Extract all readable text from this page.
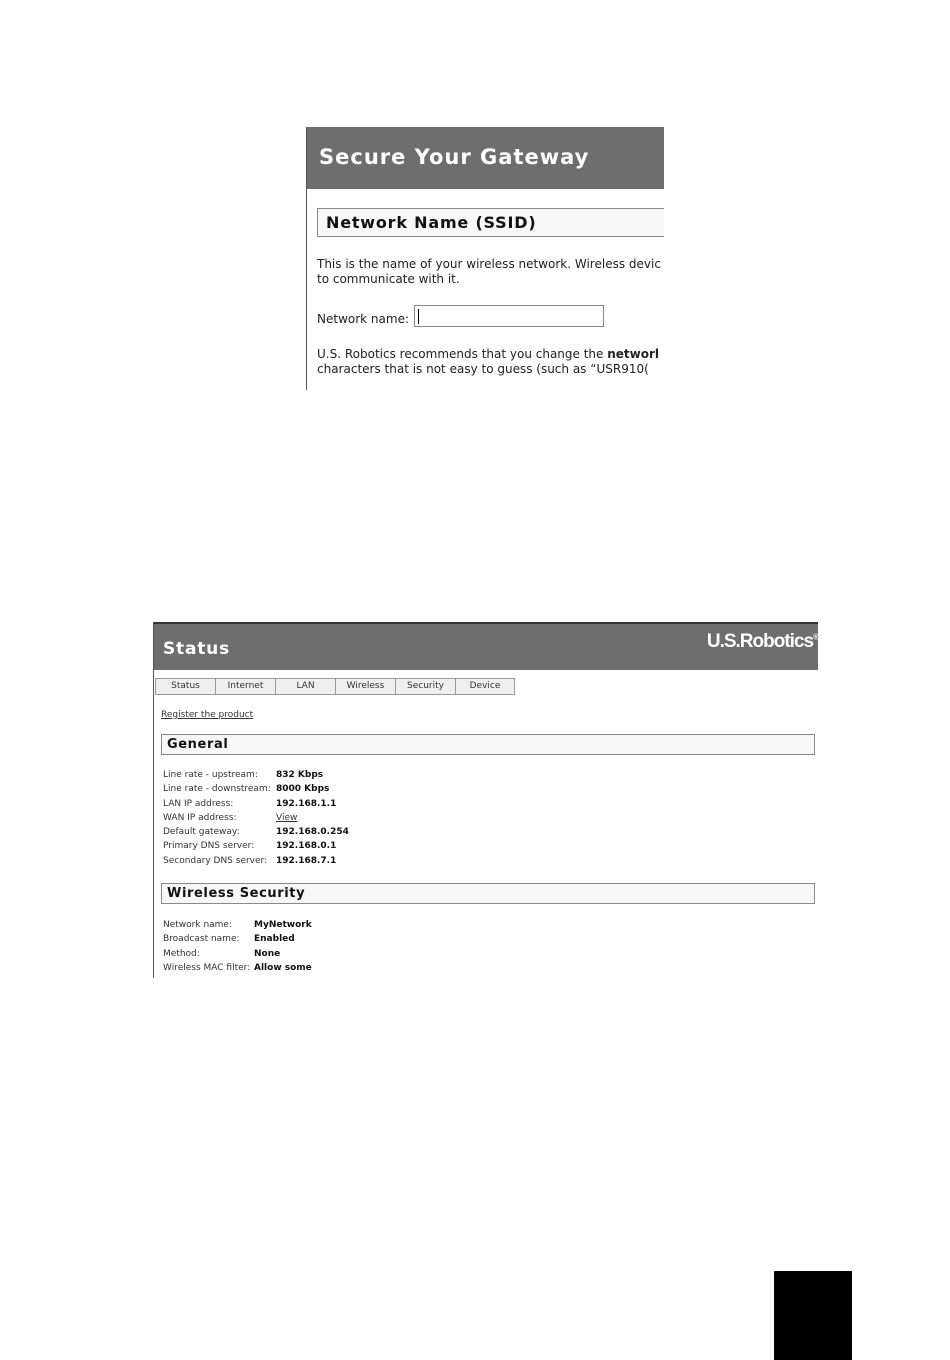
Secure Your Gateway
Network Name (SSID)
This is the name of your wireless network. Wireless devic
to communicate with it.
Network name:
U.S. Robotics recommends that you change the networl
characters that is not easy to guess (such as “USR910(
Status	U.S.Robotics®
Status	Internet	LAN	Wireless	Security	Device
Register the product
General
Line rate - upstream:	832 Kbps
Line rate - downstream: 8000 Kbps
LAN IP address:	192.168.1.1
WAN IP address:	View
Default gateway:	192.168.0.254
Primary DNS server:	192.168.0.1
Secondary DNS server: 192.168.7.1
Wireless Security
Network name:	MyNetwork
Broadcast name:	Enabled
Method:	None
Wireless MAC filter: Allow some
